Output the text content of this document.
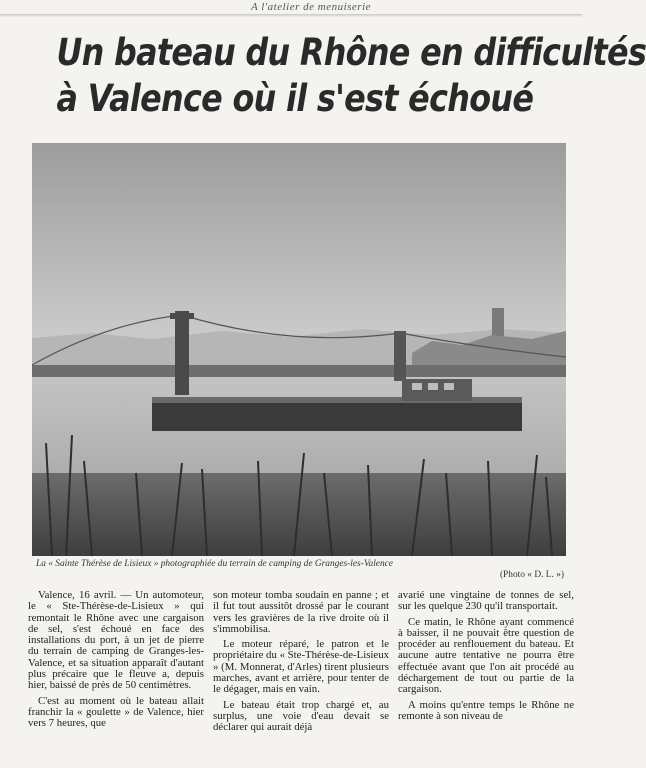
A l'atelier de menuiserie
Un bateau du Rhône en difficultés
à Valence où il s'est échoué
La « Sainte Thérèse de Lisieux » photographiée du terrain de camping de Granges-les-Valence
(Photo « D. L. »)

Valence, 16 avril. — Un automoteur, le « Ste-Thérèse-de-Lisieux » qui remontait le Rhône avec une cargaison de sel, s'est échoué en face des installations du port, à un jet de pierre du terrain de camping de Granges-les-Valence, et sa situation apparaît d'autant plus précaire que le fleuve a, depuis hier, baissé de près de 50 centimètres.

C'est au moment où le bateau allait franchir la « goulette » de Valence, hier vers 7 heures, que

son moteur tomba soudain en panne ; et il fut tout aussitôt drossé par le courant vers les gravières de la rive droite où il s'immobilisa.

Le moteur réparé, le patron et le propriétaire du « Ste-Thérèse-de-Lisieux » (M. Monnerat, d'Arles) tirent plusieurs marches, avant et arrière, pour tenter de le dégager, mais en vain.

Le bateau était trop chargé et, au surplus, une voie d'eau devait se déclarer qui aurait déjà

avarié une vingtaine de tonnes de sel, sur les quelque 230 qu'il transportait.

Ce matin, le Rhône ayant commencé à baisser, il ne pouvait être question de procéder au renflouement du bateau. Et aucune autre tentative ne pourra être effectuée avant que l'on ait procédé au déchargement de tout ou partie de la cargaison.

A moins qu'entre temps le Rhône ne remonte à son niveau de
